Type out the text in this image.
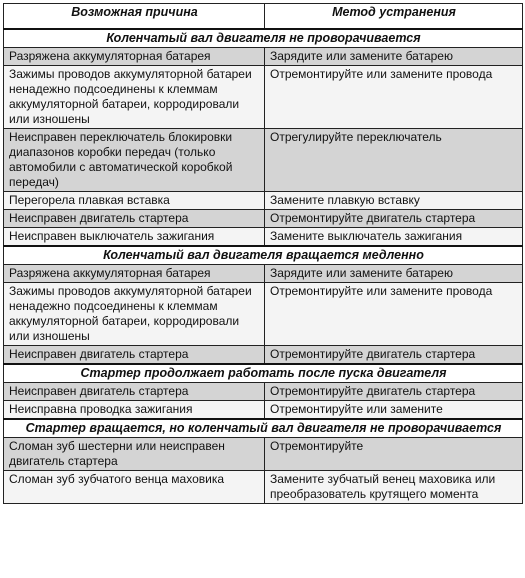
Возможная причина	Метод устранения
Коленчатый вал двигателя не проворачивается	
Разряжена аккумуляторная батарея	Зарядите или замените батарею
Зажимы проводов аккумуляторной батареи ненадежно подсоединены к клеммам аккумуляторной батареи, корродировали или изношены	Отремонтируйте или замените провода
Неисправен переключатель блокировки диапазонов коробки передач (только автомобили с автоматической коробкой передач)	Отрегулируйте переключатель
Перегорела плавкая вставка	Замените плавкую вставку
Неисправен двигатель стартера	Отремонтируйте двигатель стартера
Неисправен выключатель зажигания	Замените выключатель зажигания
Коленчатый вал двигателя вращается медленно	
Разряжена аккумуляторная батарея	Зарядите или замените батарею
Зажимы проводов аккумуляторной батареи ненадежно подсоединены к клеммам аккумуляторной батареи, корродировали или изношены	Отремонтируйте или замените провода
Неисправен двигатель стартера	Отремонтируйте двигатель стартера
Стартер продолжает работать после пуска двигателя	
Неисправен двигатель стартера	Отремонтируйте двигатель стартера
Неисправна проводка зажигания	Отремонтируйте или замените
Стартер вращается, но коленчатый вал двигателя не проворачивается	
Сломан зуб шестерни или неисправен двигатель стартера	Отремонтируйте
Сломан зуб зубчатого венца маховика	Замените зубчатый венец маховика или преобразователь крутящего момента
